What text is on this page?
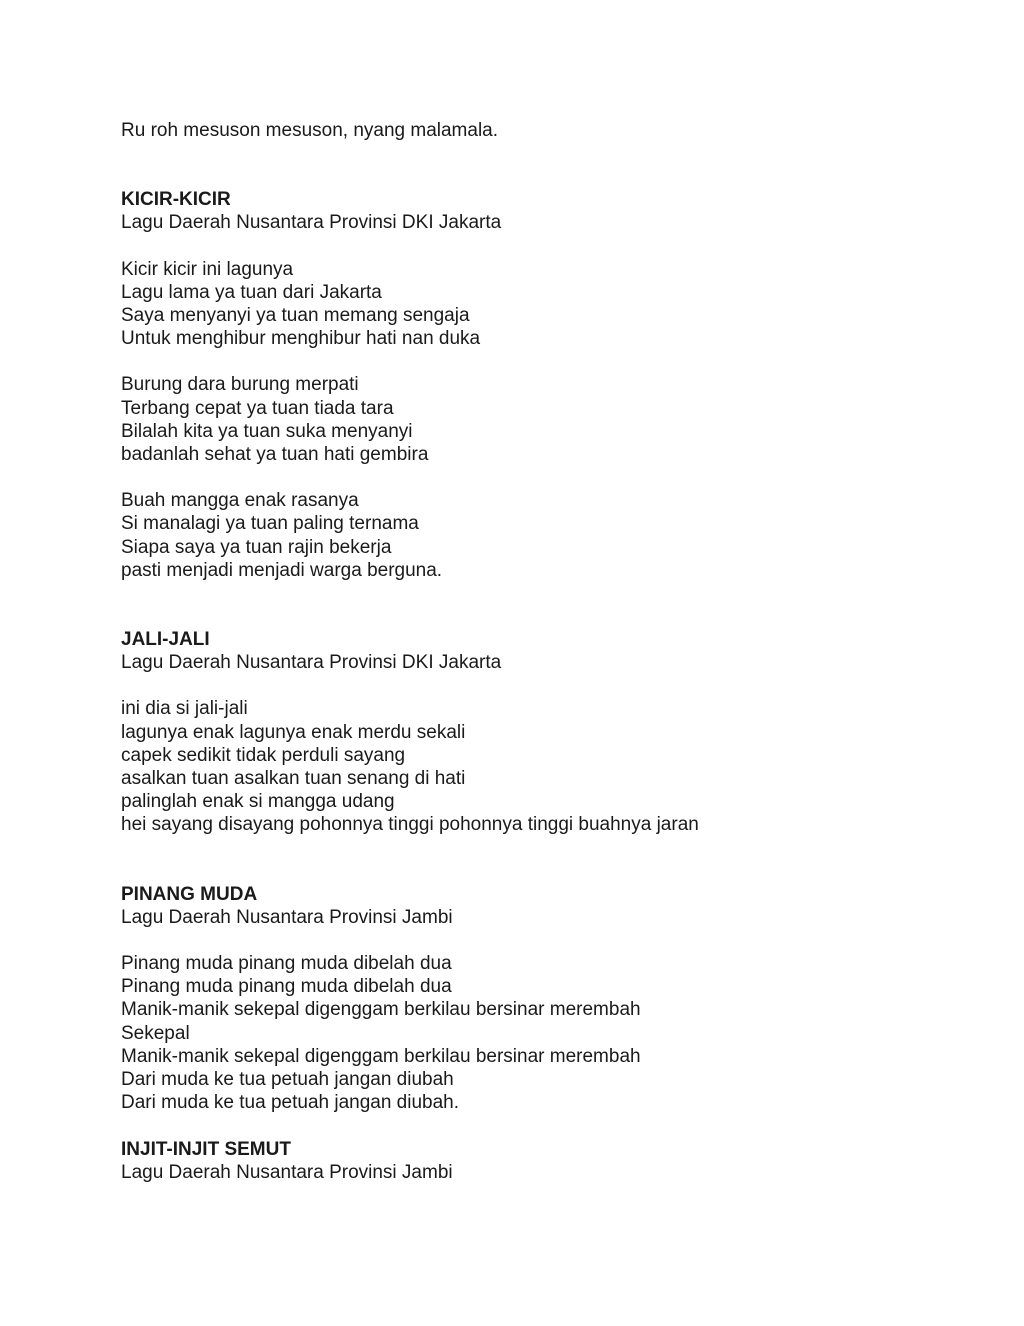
Ru roh mesuson mesuson, nyang malamala.
KICIR-KICIR
Lagu Daerah Nusantara Provinsi DKI Jakarta
Kicir kicir ini lagunya
Lagu lama ya tuan dari Jakarta
Saya menyanyi ya tuan memang sengaja
Untuk menghibur menghibur hati nan duka
Burung dara burung merpati
Terbang cepat ya tuan tiada tara
Bilalah kita ya tuan suka menyanyi
badanlah sehat ya tuan hati gembira
Buah mangga enak rasanya
Si manalagi ya tuan paling ternama
Siapa saya ya tuan rajin bekerja
pasti menjadi menjadi warga berguna.
JALI-JALI
Lagu Daerah Nusantara Provinsi DKI Jakarta
ini dia si jali-jali
lagunya enak lagunya enak merdu sekali
capek sedikit tidak perduli sayang
asalkan tuan asalkan tuan senang di hati
palinglah enak si mangga udang
hei sayang disayang pohonnya tinggi pohonnya tinggi buahnya jaran
PINANG MUDA
Lagu Daerah Nusantara Provinsi Jambi
Pinang muda pinang muda dibelah dua
Pinang muda pinang muda dibelah dua
Manik-manik sekepal digenggam berkilau bersinar merembah
Sekepal
Manik-manik sekepal digenggam berkilau bersinar merembah
Dari muda ke tua petuah jangan diubah
Dari muda ke tua petuah jangan diubah.
INJIT-INJIT SEMUT
Lagu Daerah Nusantara Provinsi Jambi
